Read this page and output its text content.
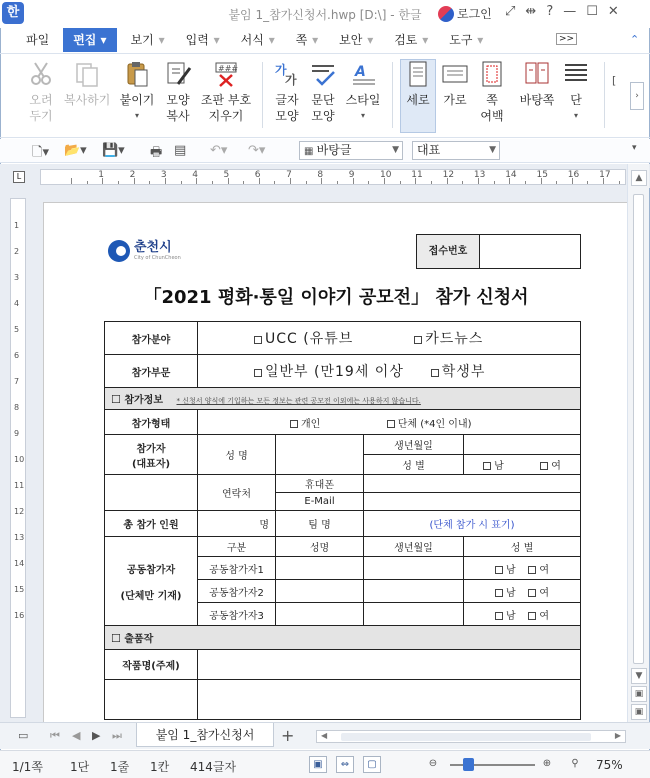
한	붙임 1_참가신청서.hwp [D:\] - 한글	로그인 ⤢ ⇹ ? — ☐ ✕
파일	편집 ▾	보기 ▾	입력 ▾	서식 ▾	쪽 ▾	보안 ▾	검토 ▾	도구 ▾	>>	⌃
오려
두기
복사하기 붙이기
▾
모양
복사
###
조판 부호
지우기
가
가
글자
모양
문단
모양
A
스타일
▾
세로	가로	쪽
여백
바탕쪽	단
▾
[
›
🗋▾ 📂▾ 💾▾ 🖶 ▤ ↶▾ ↷▾	▦ 바탕글	▼	대표	▼	▾
L	1	2	3	4	5	6	7	8	9	10 11 12 13 14 15 16 17
1
2
3
4
5
6
7
8
9
10
11
12
13
14
15
16
춘천시
City of ChunCheon
접수번호
「2021 평화·통일 이야기 공모전」 참가 신청서
참가분야	UCC (유튜브 카드뉴스			
참가부문	일반부 (만19세 이상 학생부			
☐ 참가정보 * 신청서 양식에 기입하는 모든 정보는 관련 공모전 이외에는 사용하지 않습니다.				
참가형태	개인 단체 (*4인 이내)			
참가자
(대표자)	성 명		생년월일	
			성 별	남 여
	연락처	휴대폰		
		E-Mail		
총 참가 인원	명	팀 명	(단체 참가 시 표기)	
공동참가자

(단체만 기재)	구분	성명	생년월일	성 별
	공동참가자1			남 여
	공동참가자2			남 여
	공동참가자3			남 여
☐ 출품작				
작품명(주제)				

▲
▼
▣
▣
▭ ⏮ ◀ ▶ ⏭	붙임 1_참가신청서	+	◀	▶
1/1쪽 1단 1줄 1칸 414글자	▣	⇔	▢	⊖	⊕	⚲	75%
